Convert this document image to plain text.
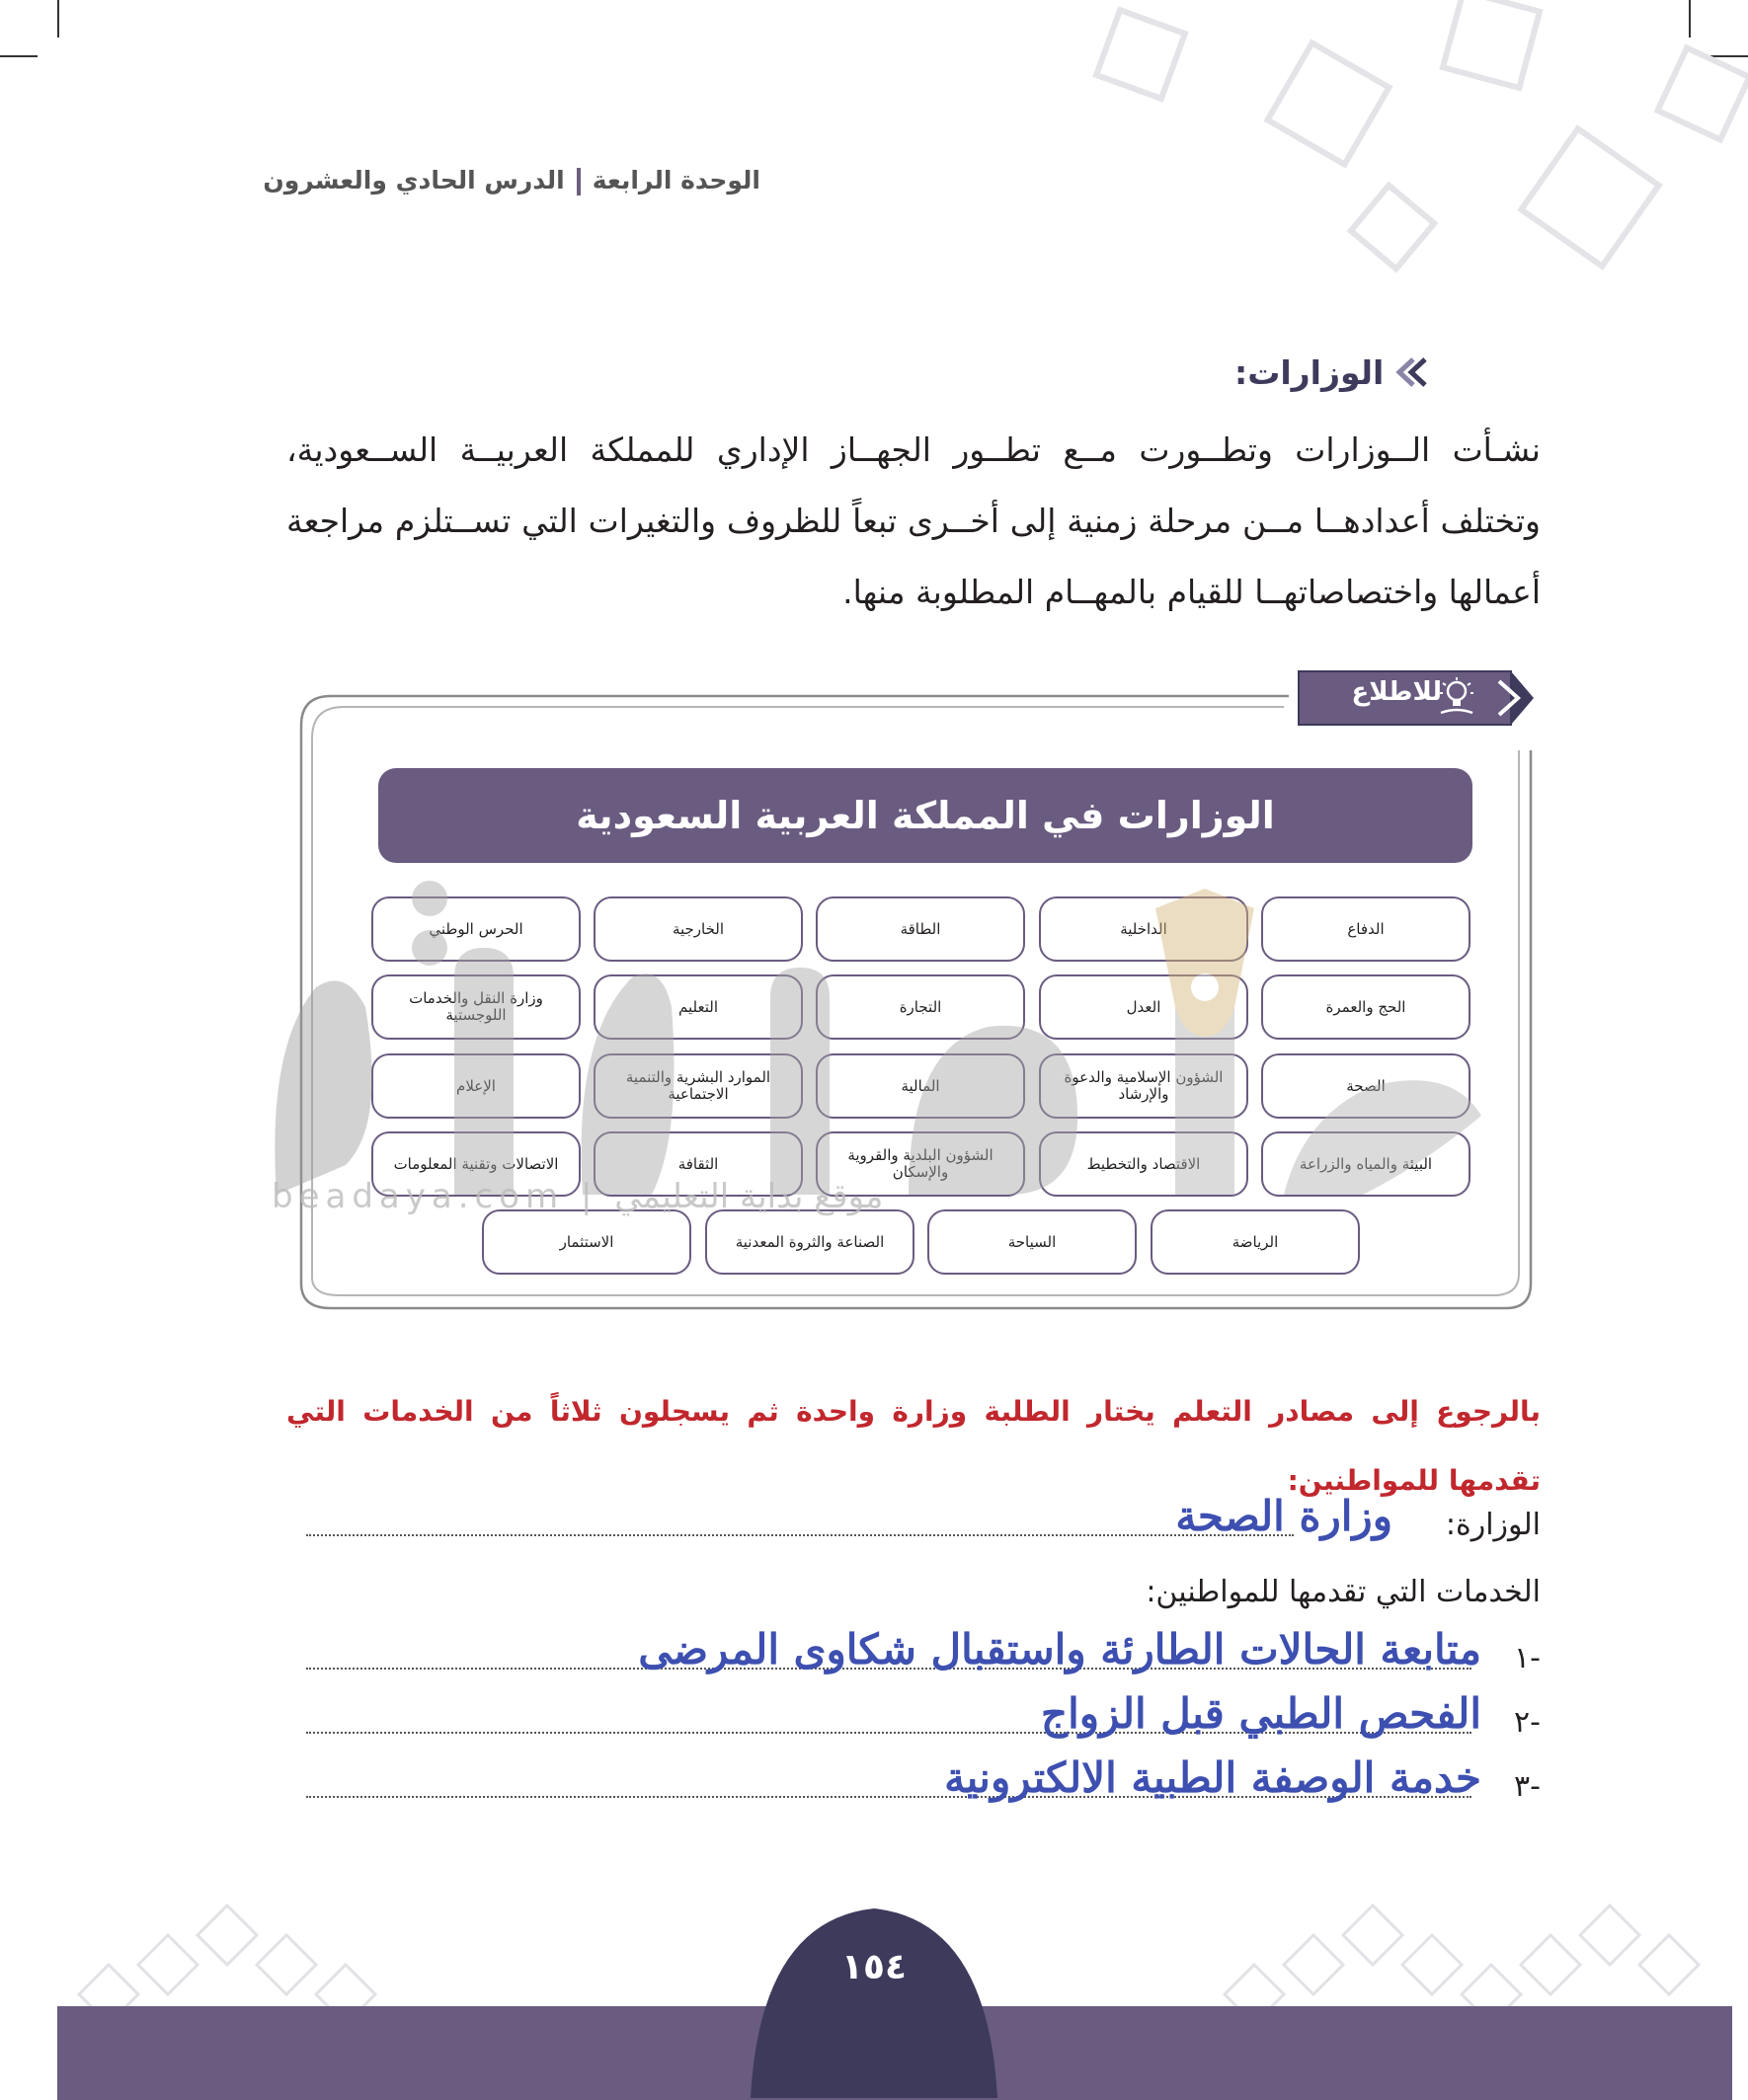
الوحدة الرابعةالدرس الحادي والعشرون
الوزارات:
نشـأت الــوزارات وتطــورت مــع تطــور الجهــاز الإداري للمملكة العربيــة الســعودية، وتختلف أعدادهــا مــن مرحلة زمنية إلى أخــرى تبعاً للظروف والتغيرات التي تســتلزم مراجعة أعمالها واختصاصاتهــا للقيام بالمهــام المطلوبة منها.
للاطلاع
الوزارات في المملكة العربية السعودية
الدفاع
الداخلية
الطاقة
الخارجية
الحرس الوطني
الحج والعمرة
العدل
التجارة
التعليم
وزارة النقل والخدمات اللوجستية
الصحة
الشؤون الإسلامية والدعوة والإرشاد
المالية
الموارد البشرية والتنمية الاجتماعية
الإعلام
البيئة والمياه والزراعة
الاقتصاد والتخطيط
الشؤون البلدية والقروية والإسكان
الثقافة
الاتصالات وتقنية المعلومات
الرياضة
السياحة
الصناعة والثروة المعدنية
الاستثمار
beadaya.com | موقع بداية التعليمي
بالرجوع إلى مصادر التعلم يختار الطلبة وزارة واحدة ثم يسجلون ثلاثاً من الخدمات التي تقدمها للمواطنين:
الوزارة:
وزارة الصحة
الخدمات التي تقدمها للمواطنين:
١-
متابعة الحالات الطارئة واستقبال شكاوى المرضى
٢-
الفحص الطبي قبل الزواج
٣-
خدمة الوصفة الطبية الالكترونية
١٥٤
